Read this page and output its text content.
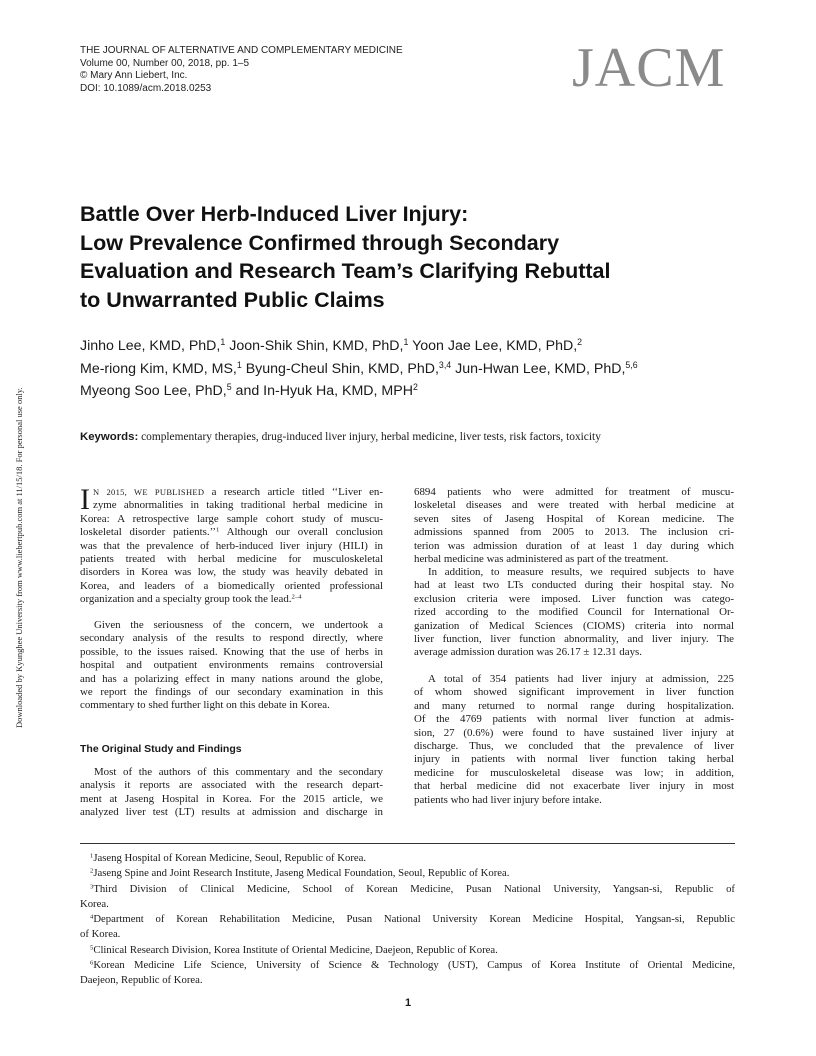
THE JOURNAL OF ALTERNATIVE AND COMPLEMENTARY MEDICINE
Volume 00, Number 00, 2018, pp. 1–5
© Mary Ann Liebert, Inc.
DOI: 10.1089/acm.2018.0253	JACM
Downloaded by Kyunghee University from www.liebertpub.com at 11/15/18. For personal use only.
Battle Over Herb-Induced Liver Injury:
Low Prevalence Confirmed through Secondary
Evaluation and Research Team’s Clarifying Rebuttal
to Unwarranted Public Claims
Jinho Lee, KMD, PhD,$^1$ Joon-Shik Shin, KMD, PhD,$^1$ Yoon Jae Lee, KMD, PhD,$^2$
Me-riong Kim, KMD, MS,$^1$ Byung-Cheul Shin, KMD, PhD,$^{3,4}$ Jun-Hwan Lee, KMD, PhD,$^{5,6}$
Myeong Soo Lee, PhD,$^5$ and In-Hyuk Ha, KMD, MPH$^2$
Keywords: complementary therapies, drug-induced liver injury, herbal medicine, liver tests, risk factors, toxicity
I N 2015, WE PUBLISHED a research article titled ‘‘Liver en-
zyme abnormalities in taking traditional herbal medicine in
Korea: A retrospective large sample cohort study of muscu-
loskeletal disorder patients.’’$^1$ Although our overall conclusion
was that the prevalence of herb-induced liver injury (HILI) in
patients treated with herbal medicine for musculoskeletal
disorders in Korea was low, the study was heavily debated in
Korea, and leaders of a biomedically oriented professional
organization and a specialty group took the lead.$^{2-4}$
Given the seriousness of the concern, we undertook a
secondary analysis of the results to respond directly, where
possible, to the issues raised. Knowing that the use of herbs in
hospital and outpatient environments remains controversial
and has a polarizing effect in many nations around the globe,
we report the findings of our secondary examination in this
commentary to shed further light on this debate in Korea.
The Original Study and Findings
Most of the authors of this commentary and the secondary
analysis it reports are associated with the research depart-
ment at Jaseng Hospital in Korea. For the 2015 article, we
analyzed liver test (LT) results at admission and discharge in
6894 patients who were admitted for treatment of muscu-
loskeletal diseases and were treated with herbal medicine at
seven sites of Jaseng Hospital of Korean medicine. The
admissions spanned from 2005 to 2013. The inclusion cri-
terion was admission duration of at least 1 day during which
herbal medicine was administered as part of the treatment.
In addition, to measure results, we required subjects to have
had at least two LTs conducted during their hospital stay. No
exclusion criteria were imposed. Liver function was catego-
rized according to the modified Council for International Or-
ganization of Medical Sciences (CIOMS) criteria into normal
liver function, liver function abnormality, and liver injury. The
average admission duration was 26.17 ± 12.31 days.
A total of 354 patients had liver injury at admission, 225
of whom showed significant improvement in liver function
and many returned to normal range during hospitalization.
Of the 4769 patients with normal liver function at admis-
sion, 27 (0.6%) were found to have sustained liver injury at
discharge. Thus, we concluded that the prevalence of liver
injury in patients with normal liver function taking herbal
medicine for musculoskeletal disease was low; in addition,
that herbal medicine did not exacerbate liver injury in most
patients who had liver injury before intake.
$^1$Jaseng Hospital of Korean Medicine, Seoul, Republic of Korea.
$^2$Jaseng Spine and Joint Research Institute, Jaseng Medical Foundation, Seoul, Republic of Korea.
$^3$Third Division of Clinical Medicine, School of Korean Medicine, Pusan National University, Yangsan-si, Republic of
Korea.
$^4$Department of Korean Rehabilitation Medicine, Pusan National University Korean Medicine Hospital, Yangsan-si, Republic
of Korea.
$^5$Clinical Research Division, Korea Institute of Oriental Medicine, Daejeon, Republic of Korea.
$^6$Korean Medicine Life Science, University of Science & Technology (UST), Campus of Korea Institute of Oriental Medicine,
Daejeon, Republic of Korea.
1
